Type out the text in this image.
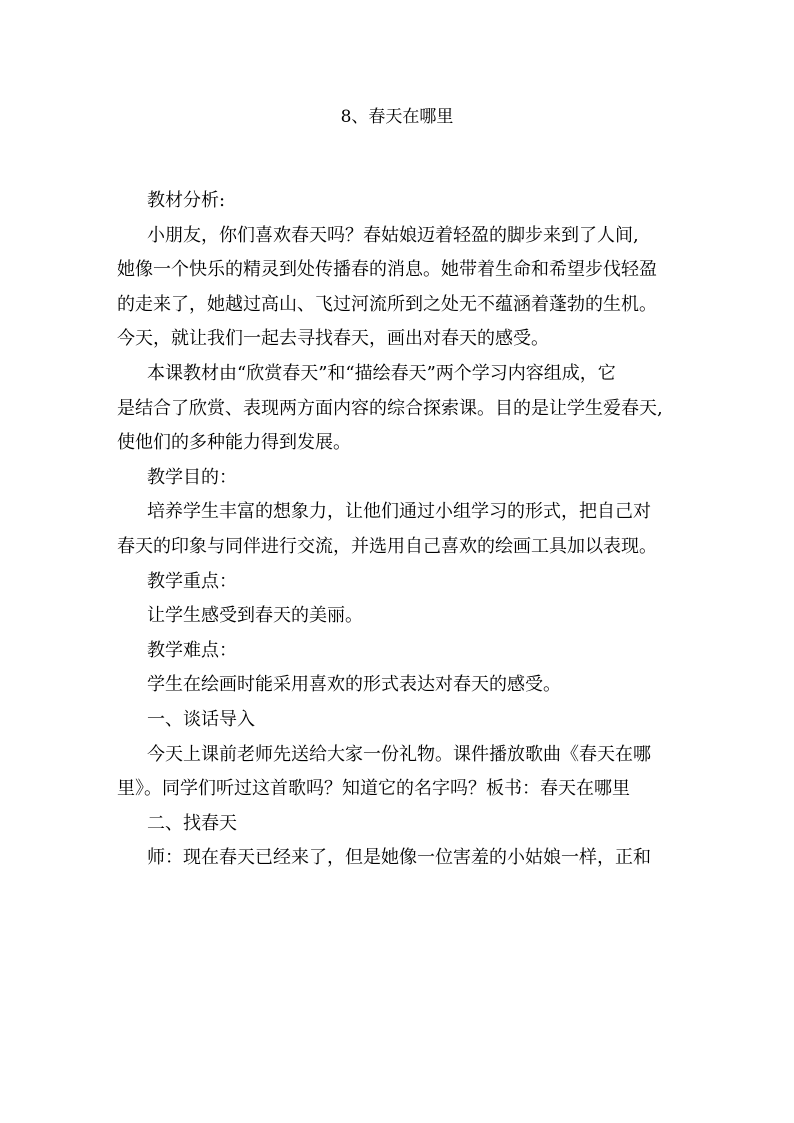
8、春天在哪里
教材分析:
小朋友，你们喜欢春天吗？春姑娘迈着轻盈的脚步来到了人间,
她像一个快乐的精灵到处传播春的消息。她带着生命和希望步伐轻盈
的走来了，她越过高山、飞过河流所到之处无不蕴涵着蓬勃的生机。
今天，就让我们一起去寻找春天，画出对春天的感受。
本课教材由“欣赏春天”和“描绘春天”两个学习内容组成，它
是结合了欣赏、表现两方面内容的综合探索课。目的是让学生爱春天,
使他们的多种能力得到发展。
教学目的：
培养学生丰富的想象力，让他们通过小组学习的形式，把自己对
春天的印象与同伴进行交流，并选用自己喜欢的绘画工具加以表现。
教学重点：
让学生感受到春天的美丽。
教学难点：
学生在绘画时能采用喜欢的形式表达对春天的感受。
一、谈话导入
今天上课前老师先送给大家一份礼物。课件播放歌曲《春天在哪
里》。同学们听过这首歌吗？知道它的名字吗？板书：春天在哪里
二、找春天
师：现在春天已经来了，但是她像一位害羞的小姑娘一样，正和
